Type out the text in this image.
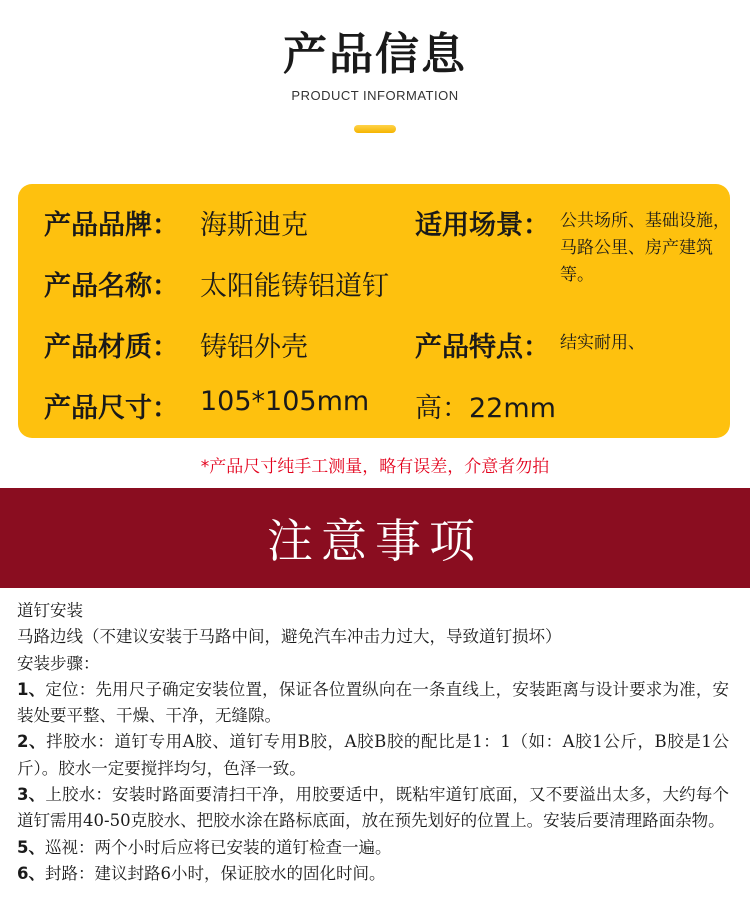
产品信息
PRODUCT INFORMATION
产品品牌： 海斯迪克
产品名称： 太阳能铸铝道钉
产品材质： 铸铝外壳
产品尺寸： 105*105mm 高：22mm
适用场景： 公共场所、基础设施，马路公里、房产建筑等。
产品特点： 结实耐用、
*产品尺寸纯手工测量，略有误差，介意者勿拍
注意事项

道钉安装

马路边线（不建议安装于马路中间，避免汽车冲击力过大，导致道钉损坏）

安装步骤：

1、定位：先用尺子确定安装位置，保证各位置纵向在一条直线上，安装距离与设计要求为准，安装处要平整、干燥、干净，无缝隙。

2、拌胶水：道钉专用A胶、道钉专用B胶，A胶B胶的配比是1：1（如：A胶1公斤，B胶是1公斤）。胶水一定要搅拌均匀，色泽一致。

3、上胶水：安装时路面要清扫干净，用胶要适中，既粘牢道钉底面，又不要溢出太多，大约每个道钉需用40-50克胶水、把胶水涂在路标底面，放在预先划好的位置上。安装后要清理路面杂物。

5、巡视：两个小时后应将已安装的道钉检查一遍。

6、封路：建议封路6小时，保证胶水的固化时间。
